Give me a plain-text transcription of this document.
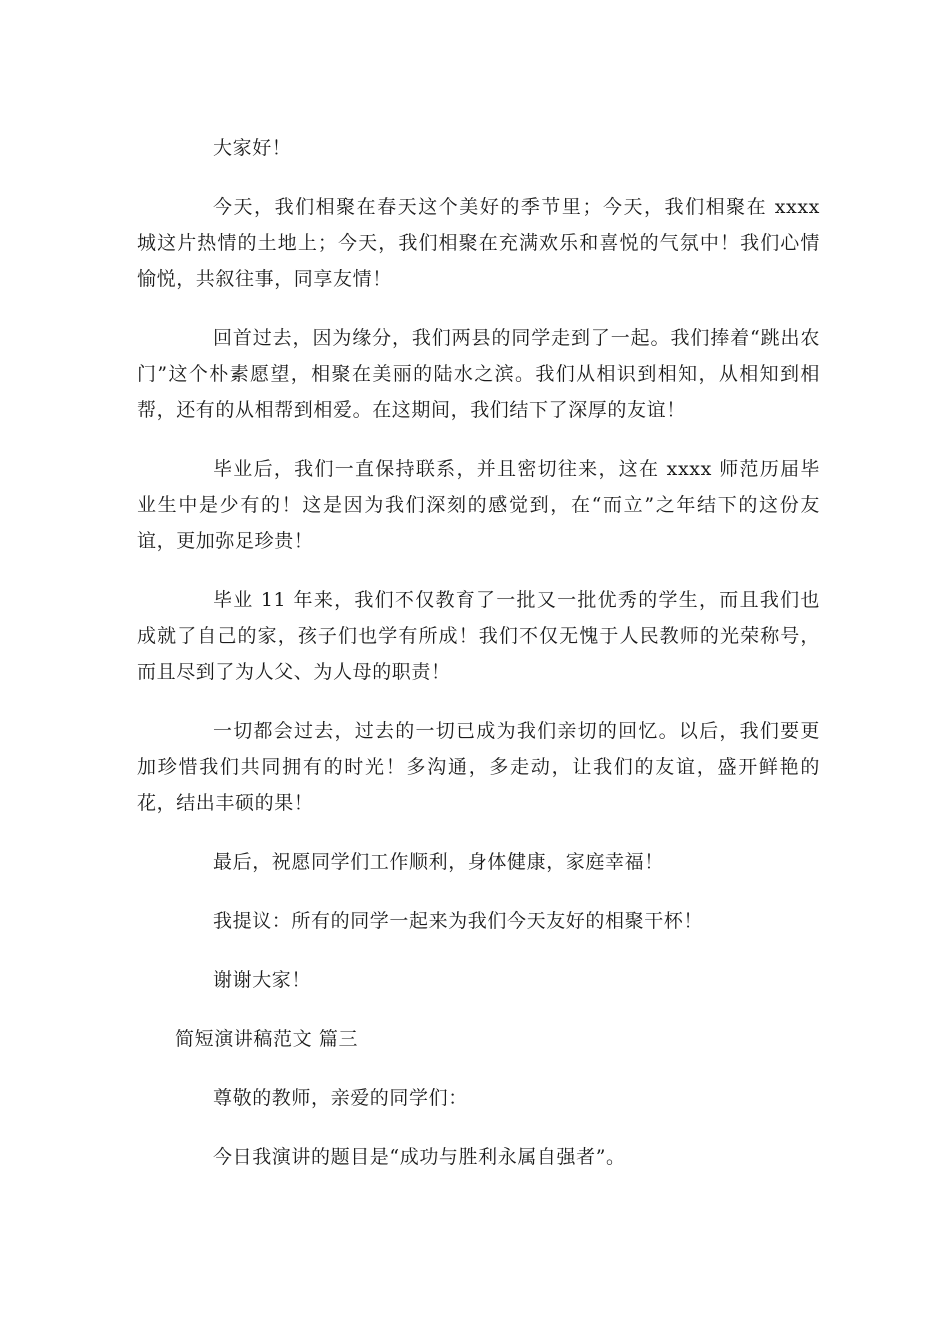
大家好！

今天，我们相聚在春天这个美好的季节里；今天，我们相聚在 xxxx 城这片热情的土地上；今天，我们相聚在充满欢乐和喜悦的气氛中！我们心情愉悦，共叙往事，同享友情！

回首过去，因为缘分，我们两县的同学走到了一起。我们捧着“跳出农门”这个朴素愿望，相聚在美丽的陆水之滨。我们从相识到相知，从相知到相帮，还有的从相帮到相爱。在这期间，我们结下了深厚的友谊！

毕业后，我们一直保持联系，并且密切往来，这在 xxxx 师范历届毕业生中是少有的！这是因为我们深刻的感觉到，在“而立”之年结下的这份友谊，更加弥足珍贵！

毕业 11 年来，我们不仅教育了一批又一批优秀的学生，而且我们也成就了自己的家，孩子们也学有所成！我们不仅无愧于人民教师的光荣称号，而且尽到了为人父、为人母的职责！

一切都会过去，过去的一切已成为我们亲切的回忆。以后，我们要更加珍惜我们共同拥有的时光！多沟通，多走动，让我们的友谊，盛开鲜艳的花，结出丰硕的果！

最后，祝愿同学们工作顺利，身体健康，家庭幸福！

我提议：所有的同学一起来为我们今天友好的相聚干杯！

谢谢大家！

简短演讲稿范文 篇三

尊敬的教师，亲爱的同学们：

今日我演讲的题目是“成功与胜利永属自强者”。
